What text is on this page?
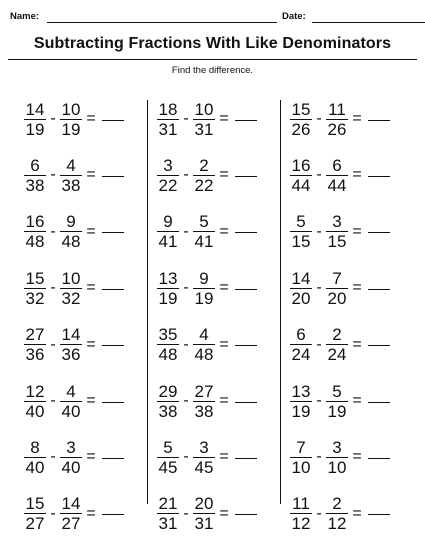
Name:	Date:
Subtracting Fractions With Like Denominators
Find the difference.
$\frac{14}{19} - \frac{10}{19}$ =
$\frac{6}{38} - \frac{4}{38}$ =
$\frac{16}{48} - \frac{9}{48}$ =
$\frac{15}{32} - \frac{10}{32}$ =
$\frac{27}{36} - \frac{14}{36}$ =
$\frac{12}{40} - \frac{4}{40}$ =
$\frac{8}{40} - \frac{3}{40}$ =
$\frac{15}{27} - \frac{14}{27}$ =
$\frac{18}{31} - \frac{10}{31}$ =
$\frac{3}{22} - \frac{2}{22}$ =
$\frac{9}{41} - \frac{5}{41}$ =
$\frac{13}{19} - \frac{9}{19}$ =
$\frac{35}{48} - \frac{4}{48}$ =
$\frac{29}{38} - \frac{27}{38}$ =
$\frac{5}{45} - \frac{3}{45}$ =
$\frac{21}{31} - \frac{20}{31}$ =
$\frac{15}{26} - \frac{11}{26}$ =
$\frac{16}{44} - \frac{6}{44}$ =
$\frac{5}{15} - \frac{3}{15}$ =
$\frac{14}{20} - \frac{7}{20}$ =
$\frac{6}{24} - \frac{2}{24}$ =
$\frac{13}{19} - \frac{5}{19}$ =
$\frac{7}{10} - \frac{3}{10}$ =
$\frac{11}{12} - \frac{2}{12}$ =
